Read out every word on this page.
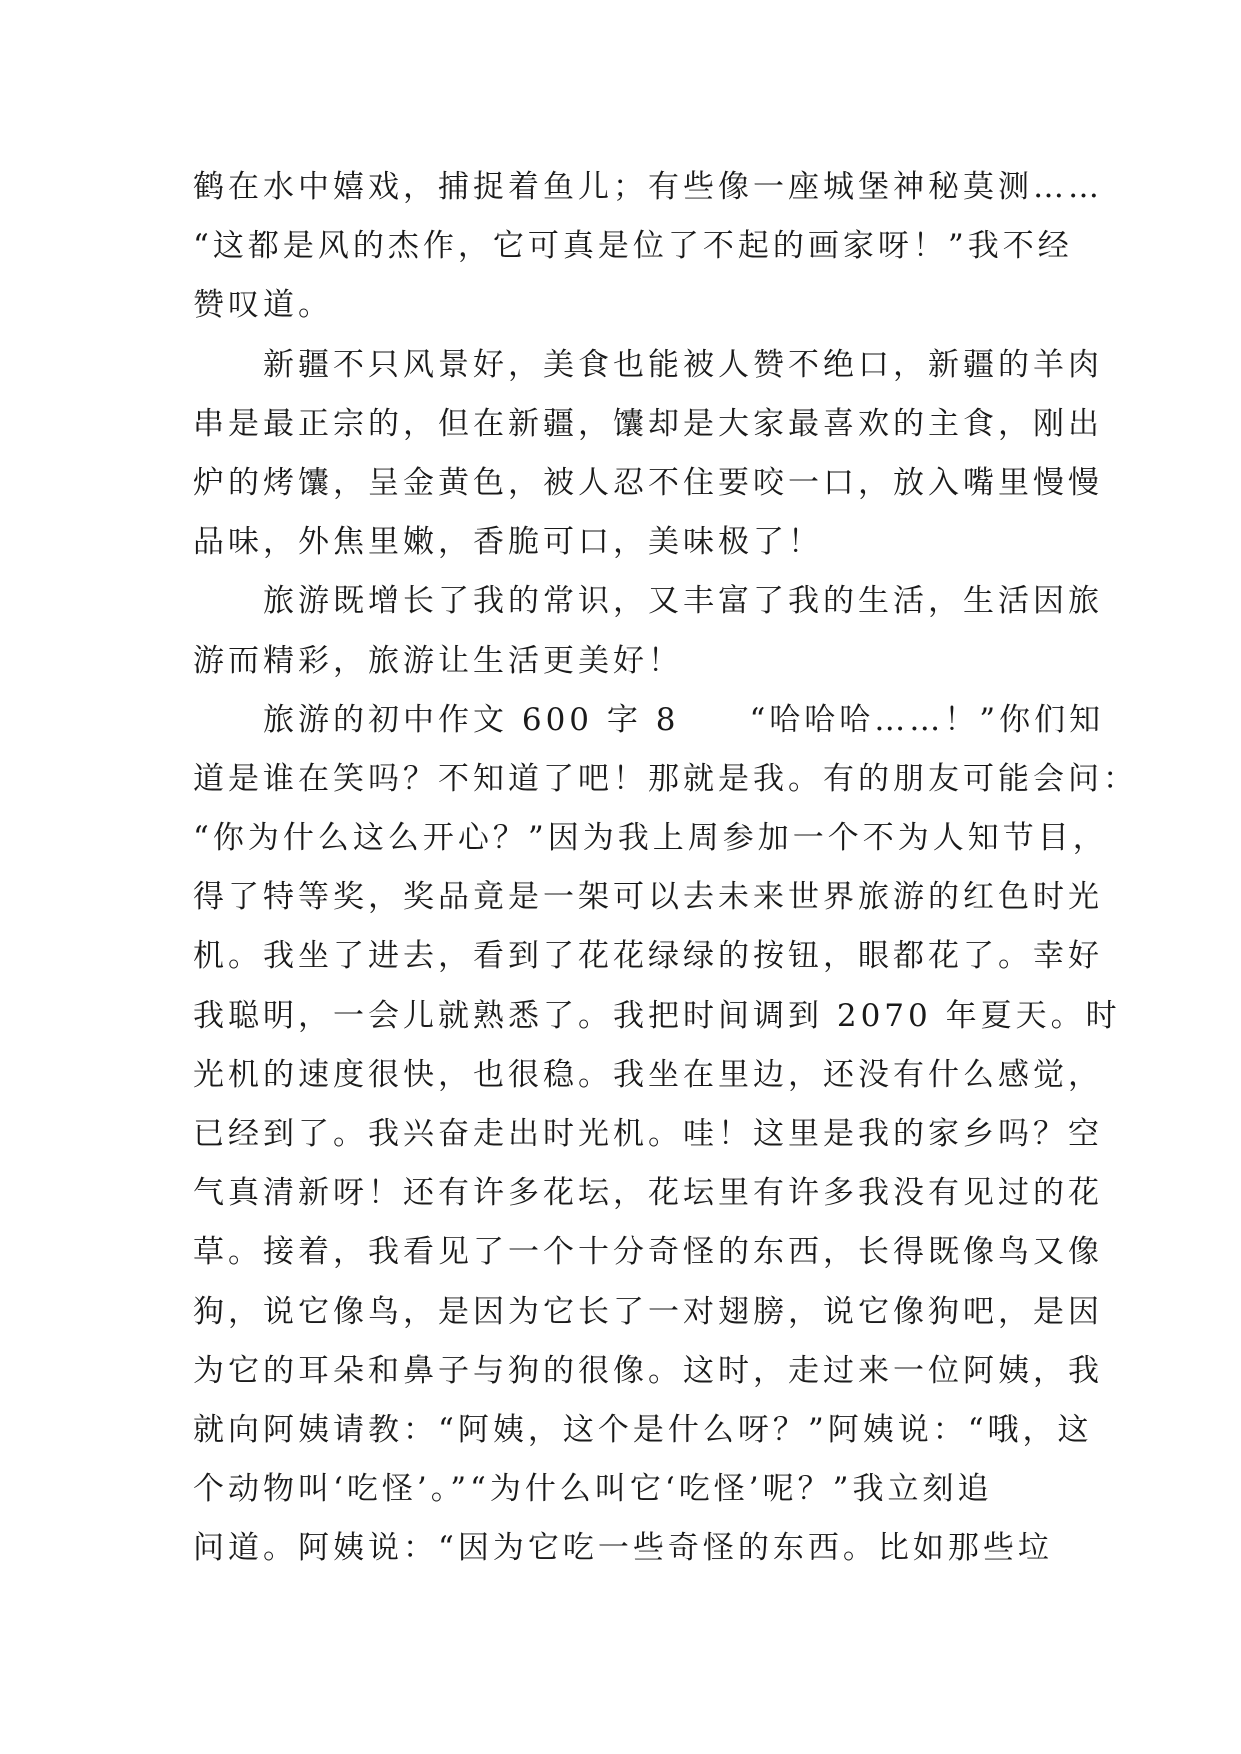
鹤在水中嬉戏，捕捉着鱼儿；有些像一座城堡神秘莫测……
“这都是风的杰作，它可真是位了不起的画家呀！”我不经
赞叹道。
　　新疆不只风景好，美食也能被人赞不绝口，新疆的羊肉
串是最正宗的，但在新疆，馕却是大家最喜欢的主食，刚出
炉的烤馕，呈金黄色，被人忍不住要咬一口，放入嘴里慢慢
品味，外焦里嫩，香脆可口，美味极了！
　　旅游既增长了我的常识，又丰富了我的生活，生活因旅
游而精彩，旅游让生活更美好！
　　旅游的初中作文 600 字 8　　“哈哈哈……！”你们知
道是谁在笑吗？不知道了吧！那就是我。有的朋友可能会问：
“你为什么这么开心？”因为我上周参加一个不为人知节目，
得了特等奖，奖品竟是一架可以去未来世界旅游的红色时光
机。我坐了进去，看到了花花绿绿的按钮，眼都花了。幸好
我聪明，一会儿就熟悉了。我把时间调到 2070 年夏天。时
光机的速度很快，也很稳。我坐在里边，还没有什么感觉，
已经到了。我兴奋走出时光机。哇！这里是我的家乡吗？空
气真清新呀！还有许多花坛，花坛里有许多我没有见过的花
草。接着，我看见了一个十分奇怪的东西，长得既像鸟又像
狗，说它像鸟，是因为它长了一对翅膀，说它像狗吧，是因
为它的耳朵和鼻子与狗的很像。这时，走过来一位阿姨，我
就向阿姨请教：“阿姨，这个是什么呀？”阿姨说：“哦，这
个动物叫‘吃怪’。”“为什么叫它‘吃怪’呢？”我立刻追
问道。阿姨说：“因为它吃一些奇怪的东西。比如那些垃
